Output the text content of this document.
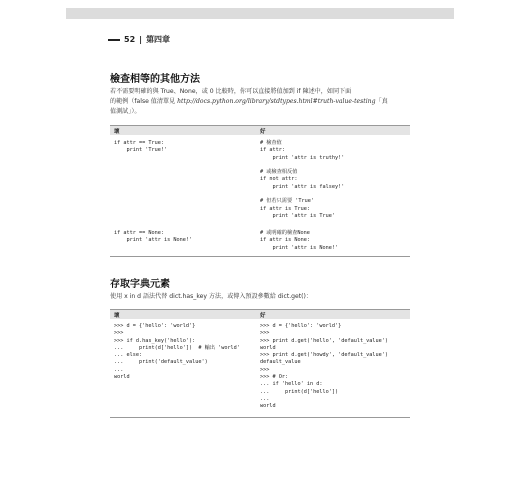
52 | 第四章
檢查相等的其他方法
若不需要明確的與 True、None，或 0 比較時，你可以直接將值加到 if 陳述中，如同下面
的範例（false 值清單見 http://docs.python.org/library/stdtypes.html#truth-value-testing「真
值測試」）。
壞	好
if attr == True:
print 'True!'
# 檢查值
if attr:
print 'attr is truthy!'

# 或檢查相反值
if not attr:
print 'attr is falsey!'

# 但若只需要 'True'
if attr is True:
print 'attr is True'
if attr == None:
print 'attr is None!'
# 或明確的檢查None
if attr is None:
print 'attr is None!'
存取字典元素
使用 x in d 語法代替 dict.has_key 方法，或傳入預設參數給 dict.get()：
壞	好
>>> d = {'hello': 'world'}
>>>
>>> if d.has_key('hello'):
...     print(d['hello'])  # 輸出 'world'
... else:
...     print('default_value')
...
world
>>> d = {'hello': 'world'}
>>>
>>> print d.get('hello', 'default_value')
world
>>> print d.get('howdy', 'default_value')
default_value
>>>
>>> # Or:
... if 'hello' in d:
...     print(d['hello'])
...
world
